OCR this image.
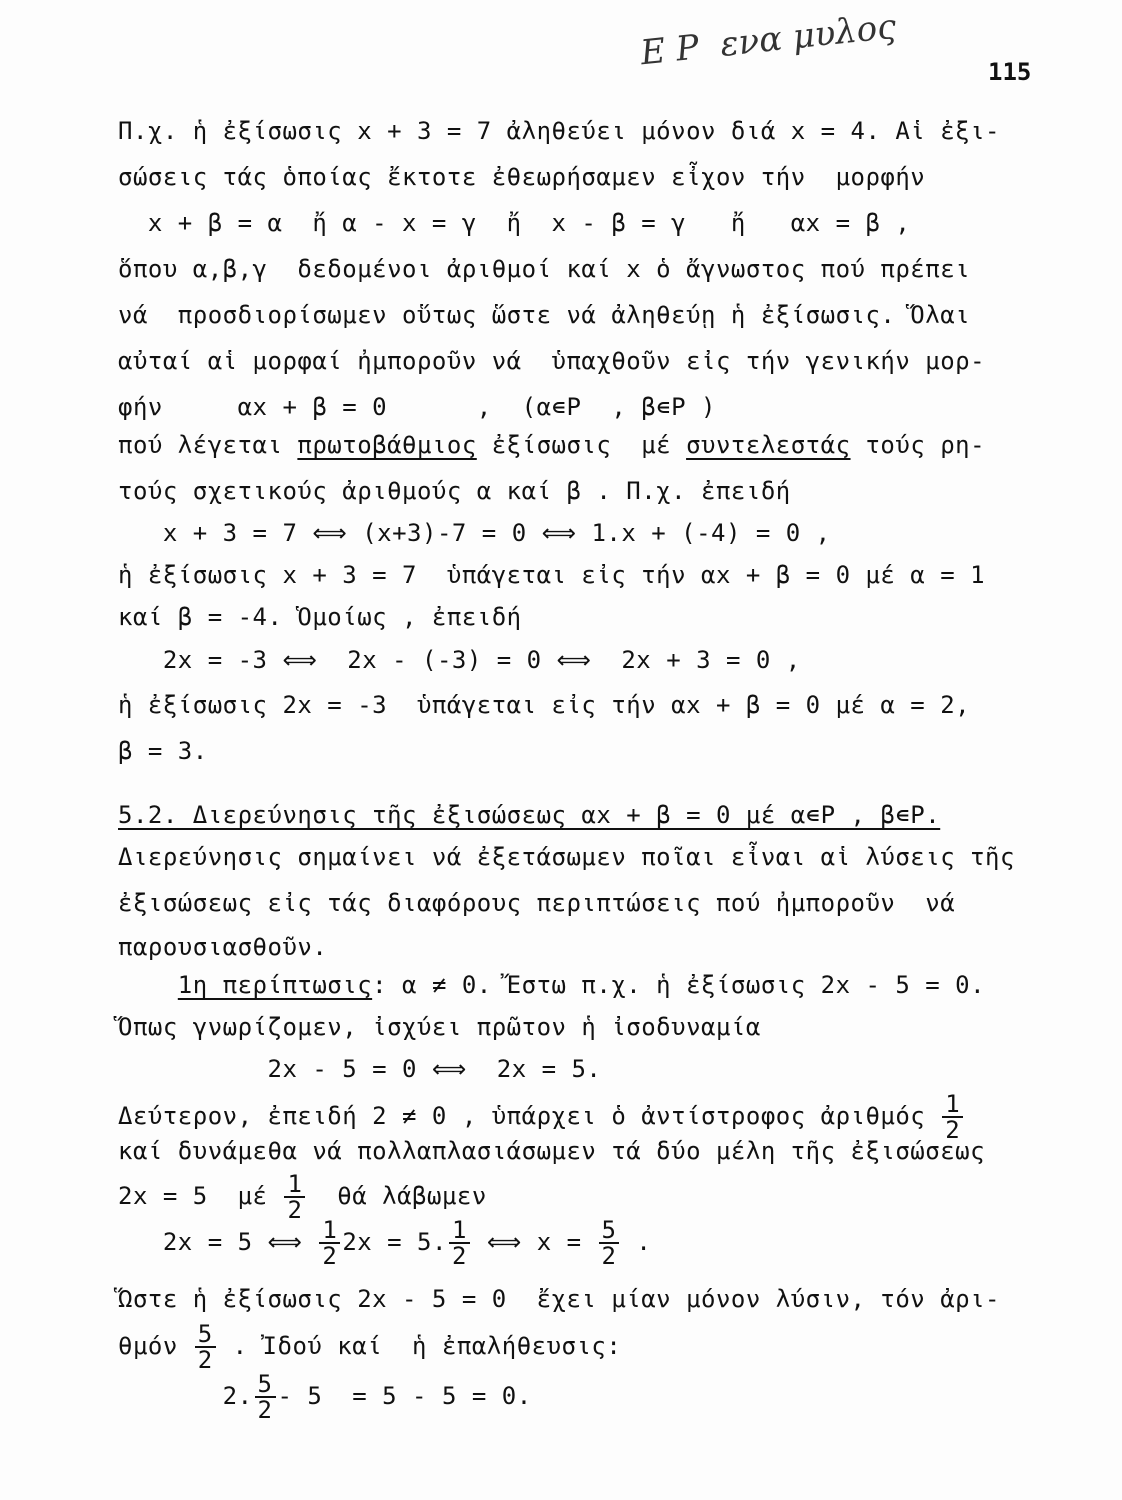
Ε Ρ  ενα μυλος	115
Π.χ. ἡ ἐξίσωσις x + 3 = 7 ἀληθεύει μόνον διά x = 4. Αἱ ἐξι-
σώσεις τάς ὁποίας ἔκτοτε ἐθεωρήσαμεν εἶχον τήν  μορφήν
x + β = α  ἤ α - x = γ  ἤ  x - β = γ   ἤ   αx = β ,
ὅπου α,β,γ  δεδομένοι ἀριθμοί καί x ὁ ἄγνωστος πού πρέπει
νά  προσδιορίσωμεν οὕτως ὥστε νά ἀληθεύῃ ἡ ἐξίσωσις. Ὅλαι
αὐταί αἱ μορφαί ἠμποροῦν νά  ὑπαχθοῦν εἰς τήν γενικήν μορ-
φήν     αx + β = 0      ,  (α∊Ρ  , β∊Ρ )
πού λέγεται πρωτοβάθμιος ἐξίσωσις  μέ συντελεστάς τούς ρη-
τούς σχετικούς ἀριθμούς α καί β . Π.χ. ἐπειδή
x + 3 = 7 ⟺ (x+3)-7 = 0 ⟺ 1.x + (-4) = 0 ,
ἡ ἐξίσωσις x + 3 = 7  ὑπάγεται εἰς τήν αx + β = 0 μέ α = 1
καί β = -4. Ὁμοίως , ἐπειδή
2x = -3 ⟺  2x - (-3) = 0 ⟺  2x + 3 = 0 ,
ἡ ἐξίσωσις 2x = -3  ὑπάγεται εἰς τήν αx + β = 0 μέ α = 2,
β = 3.
5.2. Διερεύνησις τῆς ἐξισώσεως αx + β = 0 μέ α∊Ρ , β∊Ρ.
Διερεύνησις σημαίνει νά ἐξετάσωμεν ποῖαι εἶναι αἱ λύσεις τῆς
ἐξισώσεως εἰς τάς διαφόρους περιπτώσεις πού ἠμποροῦν  νά
παρουσιασθοῦν.
1η περίπτωσις: α ≠ 0. Ἔστω π.χ. ἡ ἐξίσωσις 2x - 5 = 0.
Ὅπως γνωρίζομεν, ἰσχύει πρῶτον ἡ ἰσοδυναμία
2x - 5 = 0 ⟺  2x = 5.
Δεύτερον, ἐπειδή 2 ≠ 0 , ὑπάρχει ὁ ἀντίστροφος ἀριθμός $\frac{1}{2}$
καί δυνάμεθα νά πολλαπλασιάσωμεν τά δύο μέλη τῆς ἐξισώσεως
2x = 5  μέ $\frac{1}{2}$ θά λάβωμεν
2x = 5 ⟺ $\frac{1}{2} 2x = 5$. $\frac{1}{2}$ ⟺ $x = \frac{5}{2}$ .
Ὥστε ἡ ἐξίσωσις 2x - 5 = 0  ἔχει μίαν μόνον λύσιν, τόν ἀρι-
θμόν $\frac{5}{2}$ . Ἰδού καί  ἡ ἐπαλήθευσις:
2. $\frac{5}{2} - 5 = 5 - 5 = 0$.
